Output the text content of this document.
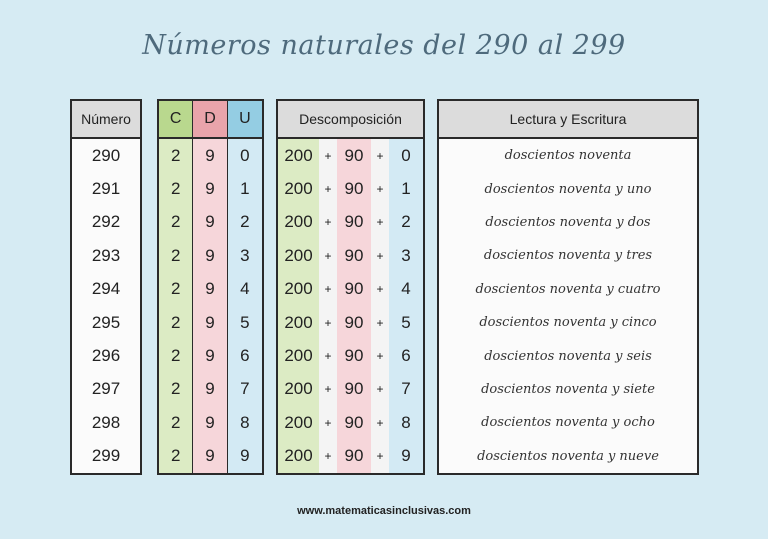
Números naturales del 290 al 299
Número
290
291
292
293
294
295
296
297
298
299
C
2
2
2
2
2
2
2
2
2
2
D
9
9
9
9
9
9
9
9
9
9
U
0
1
2
3
4
5
6
7
8
9
Descomposición
200
200
200
200
200
200
200
200
200
200
+
+
+
+
+
+
+
+
+
+
90
90
90
90
90
90
90
90
90
90
+
+
+
+
+
+
+
+
+
+
0
1
2
3
4
5
6
7
8
9
Lectura y Escritura
doscientos noventa
doscientos noventa y uno
doscientos noventa y dos
doscientos noventa y tres
doscientos noventa y cuatro
doscientos noventa y cinco
doscientos noventa y seis
doscientos noventa y siete
doscientos noventa y ocho
doscientos noventa y nueve
www.matematicasinclusivas.com
